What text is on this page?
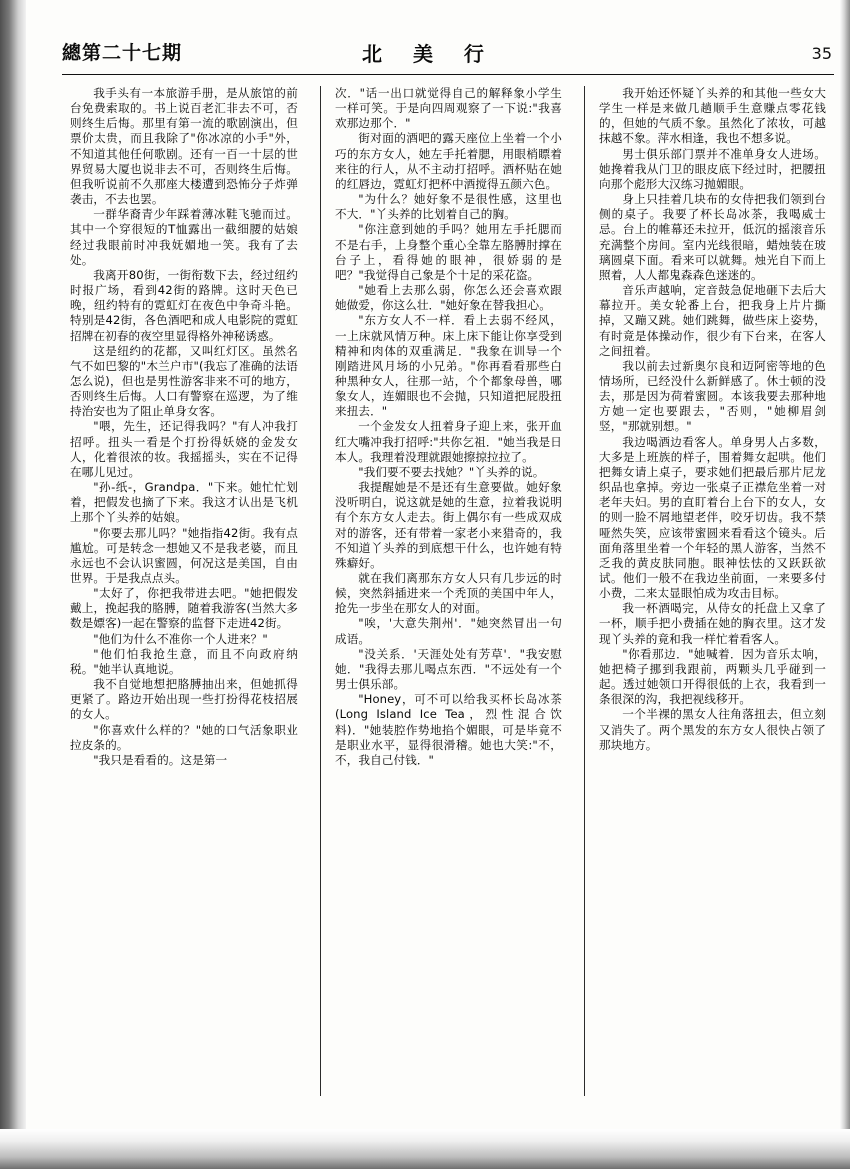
總第二十七期	北 美 行	35

我手头有一本旅游手册，是从旅馆的前台免费索取的。书上说百老汇非去不可，否则终生后悔。那里有第一流的歌剧演出，但票价太贵，而且我除了"你冰凉的小手"外，不知道其他任何歌剧。还有一百一十层的世界贸易大厦也说非去不可，否则终生后悔。但我听说前不久那座大楼遭到恐怖分子炸弹袭击，不去也罢。

一群华裔青少年踩着薄冰鞋飞驰而过。其中一个穿很短的T恤露出一截细腰的姑娘经过我眼前时冲我妩媚地一笑。我有了去处。

我离开80街，一街衔数下去，经过纽约时报广场，看到42街的路牌。这时天色已晚，纽约特有的霓虹灯在夜色中争奇斗艳。特别是42街，各色酒吧和成人电影院的霓虹招牌在初春的夜空里显得格外神秘诱惑。

这是纽约的花都，又叫红灯区。虽然名气不如巴黎的"木兰户市"(我忘了准确的法语怎么说)，但也是男性游客非来不可的地方，否则终生后悔。人口有警察在巡逻，为了维持治安也为了阻止单身女客。

"喂，先生，还记得我吗？"有人冲我打招呼。扭头一看是个打扮得妖娆的金发女人，化着很浓的妆。我摇摇头，实在不记得在哪儿见过。

"孙-纸-，Grandpa．"下来。她忙忙划着，把假发也摘了下来。我这才认出是飞机上那个丫头养的姑娘。

"你要去那儿吗？"她指指42街。我有点尴尬。可是转念一想她又不是我老婆，而且永远也不会认识蜜圆，何况这是美国，自由世界。于是我点点头。

"太好了，你把我带进去吧。"她把假发戴上，挽起我的胳膊，随着我游客(当然大多数是嫖客)一起在警察的监督下走进42街。

"他们为什么不准你一个人进来？"

"他们怕我抢生意，而且不向政府纳税。"她半认真地说。

我不自觉地想把胳膊抽出来，但她抓得更紧了。路边开始出现一些打扮得花枝招展的女人。

"你喜欢什么样的？"她的口气活象职业拉皮条的。

"我只是看看的。这是第一

次．"话一出口就觉得自己的解释象小学生一样可笑。于是向四周观察了一下说:"我喜欢那边那个．"

街对面的酒吧的露天座位上坐着一个小巧的东方女人，她左手托着腮，用眼梢瞟着来往的行人，从不主动打招呼。酒杯贴在她的红唇边，霓虹灯把杯中酒搅得五颜六色。

"为什么？她好象不是很性感，这里也不大．"丫头养的比划着自己的胸。

"你注意到她的手吗？她用左手托腮而不是右手，上身整个重心全靠左胳膊肘撑在台子上，看得她的眼神，很娇弱的是吧？"我觉得自己象是个十足的采花盗。

"她看上去那么弱，你怎么还会喜欢跟她做爱，你这么壮．"她好象在替我担心。

"东方女人不一样．看上去弱不经风，一上床就风情万种。床上床下能让你享受到精神和肉体的双重满足．"我象在训导一个刚踏进风月场的小兄弟。"你再看看那些白种黑种女人，往那一站，个个都象母兽，哪象女人，连媚眼也不会抛，只知道把屁股扭来扭去．"

一个金发女人扭着身子迎上来，张开血红大嘴冲我打招呼:"共你乞祖．"她当我是日本人。我理着没理就跟她擦掠拉拉了。

"我们要不要去找她？"丫头养的说。

我提醒她是不是还有生意要做。她好象没听明白，说这就是她的生意，拉着我说明有个东方女人走去。街上偶尔有一些成双成对的游客，还有带着一家老小来猎奇的，我不知道丫头养的到底想干什么，也许她有特殊癖好。

就在我们离那东方女人只有几步远的时候，突然斜插进来一个秃顶的美国中年人，抢先一步坐在那女人的对面。

"唉，'大意失荆州'．"她突然冒出一句成语。

"没关系．'天涯处处有芳草'．"我安慰她．"我得去那儿喝点东西．"不远处有一个男士俱乐部。

"Honey，可不可以给我买杯长岛冰茶(Long Island Ice Tea，烈性混合饮料)．"她装腔作势地掐个媚眼，可是毕竟不是职业水平，显得很滑稽。她也大笑:"不，不，我自己付钱．"

我开始还怀疑丫头养的和其他一些女大学生一样是来做几趟顺手生意赚点零花钱的，但她的气质不象。虽然化了浓妆，可越抹越不象。萍水相逢，我也不想多说。

男士俱乐部门票并不准单身女人进场。她搀着我从门卫的眼皮底下经过时，把腰扭向那个彪形大汉练习抛媚眼。

身上只挂着几块布的女侍把我们领到台侧的桌子。我要了杯长岛冰茶，我喝威士忌。台上的帷幕还未拉开，低沉的摇滚音乐充满整个房间。室内光线很暗，蜡烛装在玻璃圆桌下面。看来可以就舞。烛光自下而上照着，人人都鬼森森色迷迷的。

音乐声越响，定音鼓急促地砸下去后大幕拉开。美女轮番上台，把我身上片片撕掉，又蹦又跳。她们跳舞，做些床上姿势，有时竟是体操动作，很少有下台来，在客人之间扭着。

我以前去过新奥尔良和迈阿密等地的色情场所，已经没什么新鲜感了。休士顿的没去，那是因为荷着蜜圆。本该我要去那种地方她一定也要跟去，"否则，"她柳眉剑竖，"那就别想。"

我边喝酒边看客人。单身男人占多数，大多是上班族的样子，围着舞女起哄。他们把舞女请上桌子，要求她们把最后那片尼龙织品也拿掉。旁边一张桌子正襟危坐着一对老年夫妇。男的直盯着台上台下的女人，女的则一脸不屑地望老伴，咬牙切齿。我不禁哑然失笑，应该带蜜圆来看看这个镜头。后面角落里坐着一个年轻的黑人游客，当然不乏我的黄皮肤同胞。眼神怯怯的又跃跃欲试。他们一般不在我边坐前面，一来要多付小费，二来太显眼怕成为攻击目标。

我一杯酒喝完，从侍女的托盘上又拿了一杯，顺手把小费插在她的胸衣里。这才发现丫头养的竟和我一样忙着看客人。

"你看那边．"她喊着．因为音乐太响，她把椅子挪到我跟前，两颗头几乎碰到一起。透过她领口开得很低的上衣，我看到一条很深的沟，我把视线移开。

一个半裸的黑女人往角落扭去，但立刻又消失了。两个黑发的东方女人很快占领了那块地方。
